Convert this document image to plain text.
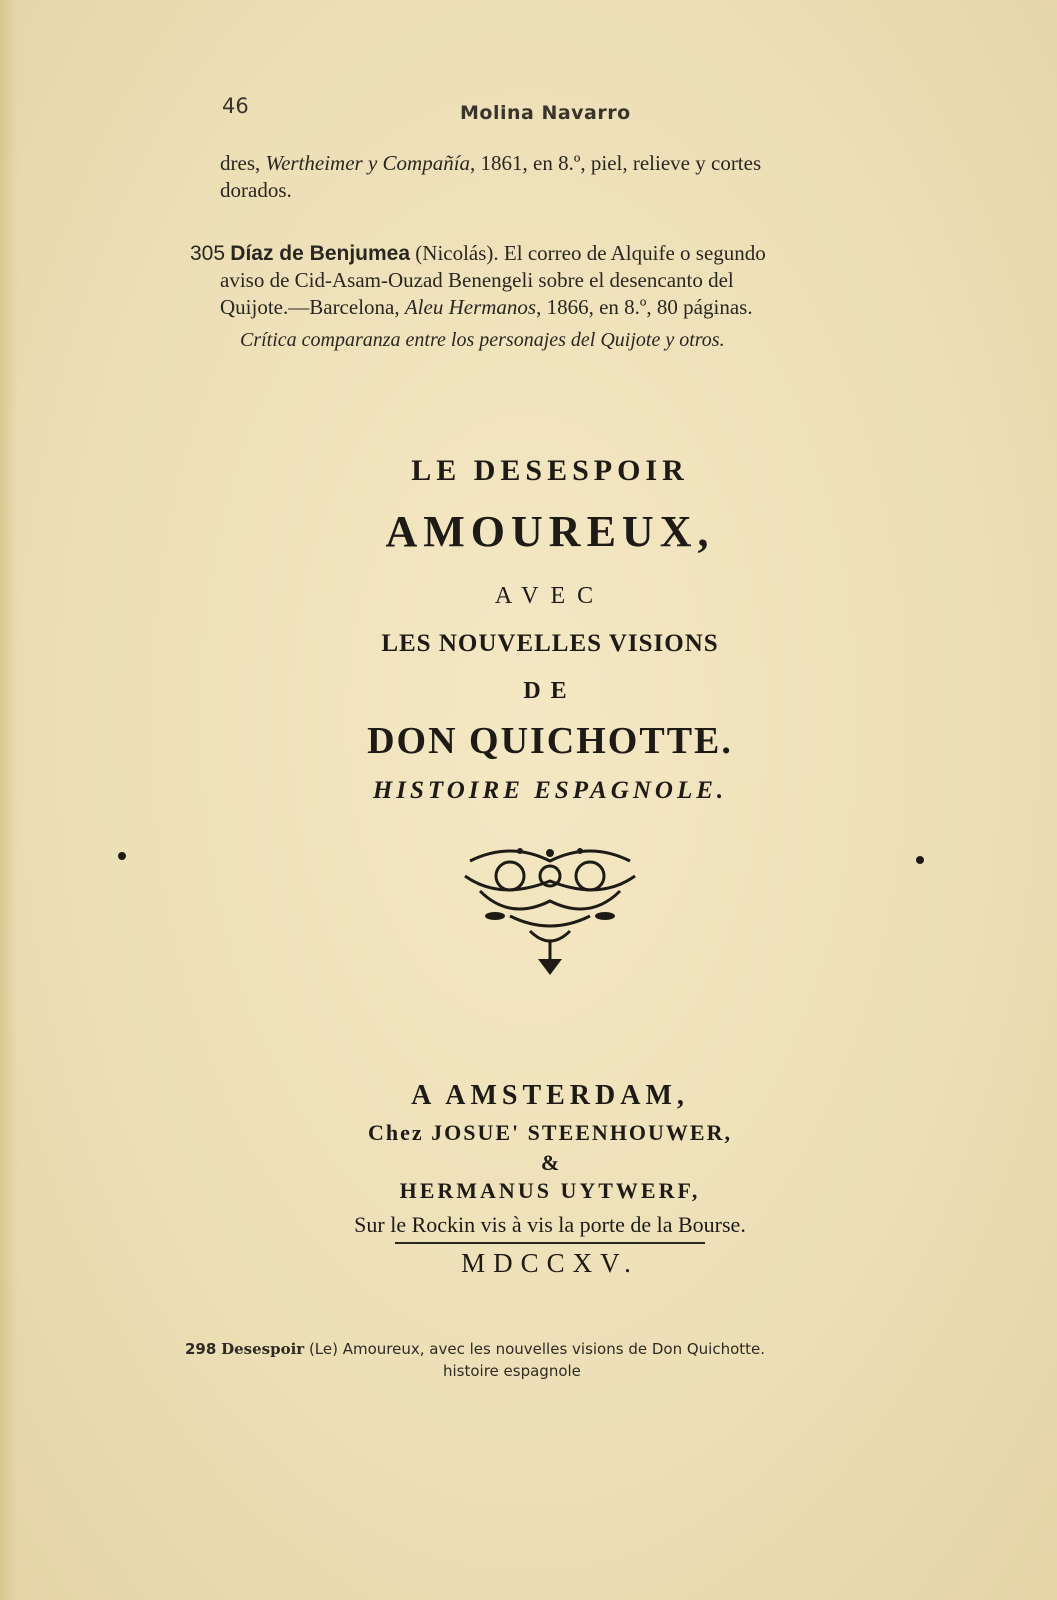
46	Molina Navarro

dres, Wertheimer y Compañía, 1861, en 8.º, piel, relieve y cortes

dorados.

305 Díaz de Benjumea (Nicolás). El correo de Alquife o segundo

aviso de Cid-Asam-Ouzad Benengeli sobre el desencanto del

Quijote.—Barcelona, Aleu Hermanos, 1866, en 8.º, 80 páginas.

Crítica comparanza entre los personajes del Quijote y otros.

LE DESESPOIR
AMOUREUX,
AVEC
LES NOUVELLES VISIONS
DE
DON QUICHOTTE.
HISTOIRE ESPAGNOLE.
A AMSTERDAM,
Chez JOSUE' STEENHOUWER,
&
HERMANUS UYTWERF,
Sur le Rockin vis à vis la porte de la Bourse.
MDCCXV.

298 Desespoir (Le) Amoureux, avec les nouvelles visions de Don Quichotte.

histoire espagnole
